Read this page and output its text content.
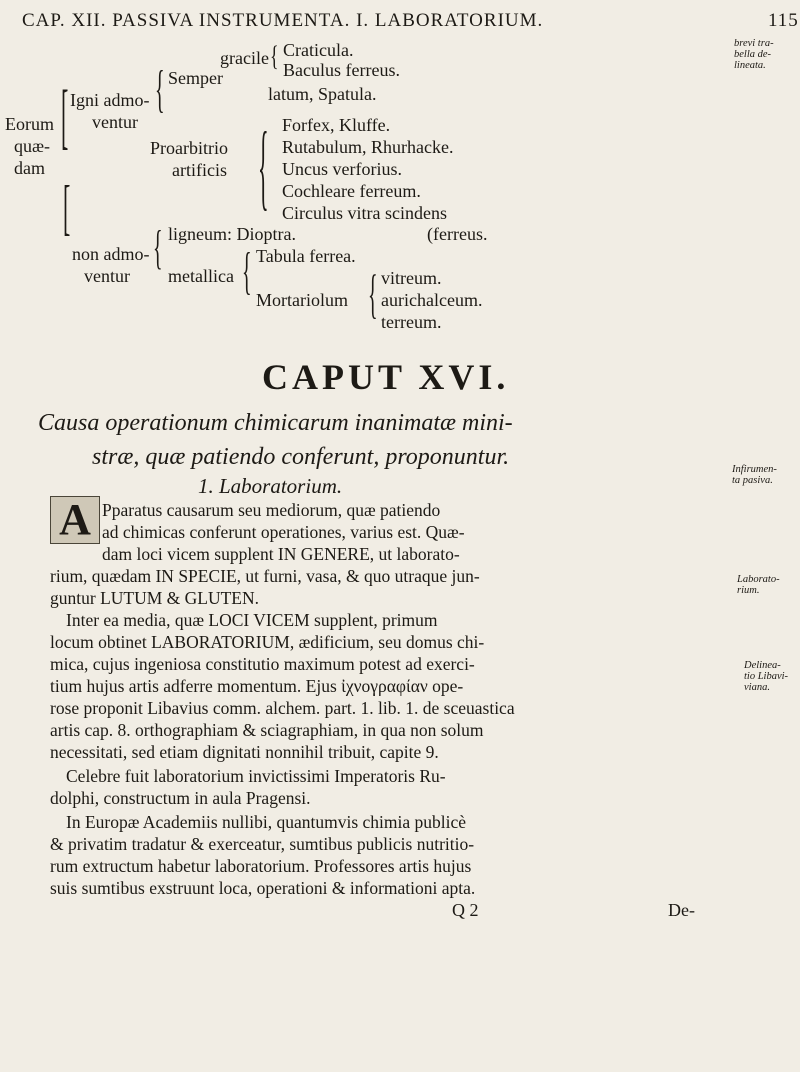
CAP. XII. PASSIVA INSTRUMENTA. I. LABORATORIUM.	115
Eorum
quæ-
dam
[
[
Igni admo-
ventur
{ Semper
gracile { Craticula.
Baculus ferreus.
latum, Spatula.
Proarbitrio
artificis { Forfex, Kluffe.
Rutabulum, Rhurhacke.
Uncus verforius.
Cochleare ferreum.
Circulus vitra scindens
non admo-
ventur
{ ligneum: Dioptra.	(ferreus.
metallica { Tabula ferrea.
Mortariolum { vitreum.
aurichalceum.
terreum.
brevi tra-
bella de-
lineata.
Infirumen-
ta pasiva.
Laborato-
rium.
Delinea-
tio Libavi-
viana.
CAPUT XVI.
Causa operationum chimicarum inanimatæ mini-
stræ, quæ patiendo conferunt, proponuntur.
1. Laboratorium.
A Pparatus causarum seu mediorum, quæ patiendo
ad chimicas conferunt operationes, varius est. Quæ-
dam loci vicem supplent IN GENERE, ut laborato-
rium, quædam IN SPECIE, ut furni, vasa, & quo utraque jun-
guntur LUTUM & GLUTEN.
Inter ea media, quæ LOCI VICEM supplent, primum
locum obtinet LABORATORIUM, ædificium, seu domus chi-
mica, cujus ingeniosa constitutio maximum potest ad exerci-
tium hujus artis adferre momentum. Ejus ἰχνογραφίαν ope-
rose proponit Libavius comm. alchem. part. 1. lib. 1. de sceuastica
artis cap. 8. orthographiam & sciagraphiam, in qua non solum
necessitati, sed etiam dignitati nonnihil tribuit, capite 9.
Celebre fuit laboratorium invictissimi Imperatoris Ru-
dolphi, constructum in aula Pragensi.
In Europæ Academiis nullibi, quantumvis chimia publicè
& privatim tradatur & exerceatur, sumtibus publicis nutritio-
rum extructum habetur laboratorium. Professores artis hujus
suis sumtibus exstruunt loca, operationi & informationi apta.
Q 2	De-
